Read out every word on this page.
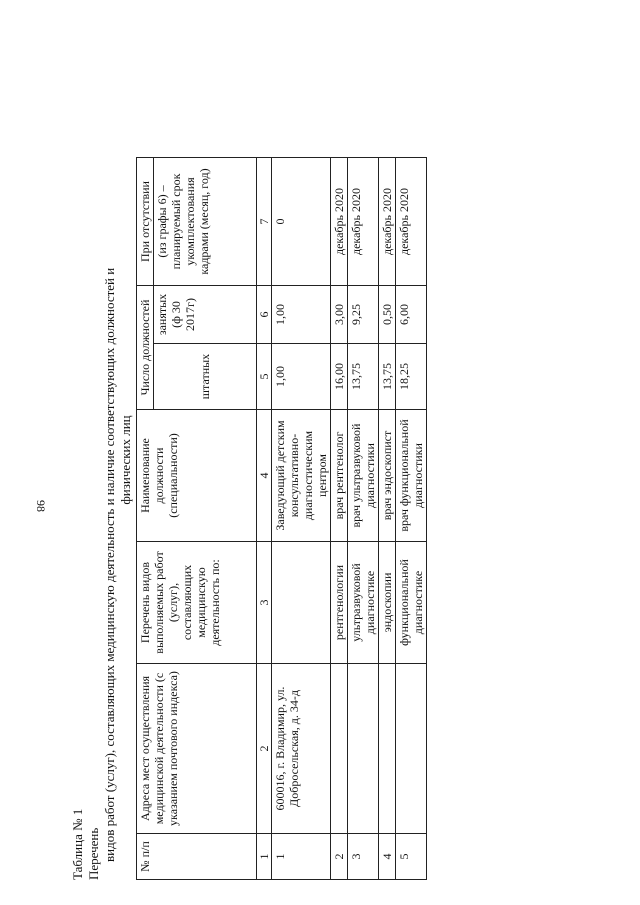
98

Таблица № 1 Перечень видов работ (услуг), составляющих медицинскую деятельность и наличие соответствующих должностей и физических лиц

№ п/п	Адреса мест осуществления медицинской деятельности (с указанием почтового индекса)	Перечень видов выполняемых работ (услуг), составляющих медицинскую деятельность по:	Наименование должности (специальности)	Число должностей		При отсутствии
				штатных	занятых (ф 30 2017г)	(из графы 6) – планируемый срок укомплектования кадрами (месяц, год)
1	2	3	4	5	6	7
1	600016, г. Владимир, ул. Добросельская, д. 34-д		Заведующий детским консультативно-диагностическим центром	1,00	1,00	0
2		рентгенологии	врач рентгенолог	16,00	3,00	декабрь 2020
3		ультразвуковой диагностике	врач ультразвуковой диагностики	13,75	9,25	декабрь 2020
4		эндоскопии	врач эндоскопист	13,75	0,50	декабрь 2020
5		функциональной диагностике	врач функциональной диагностики	18,25	6,00	декабрь 2020
